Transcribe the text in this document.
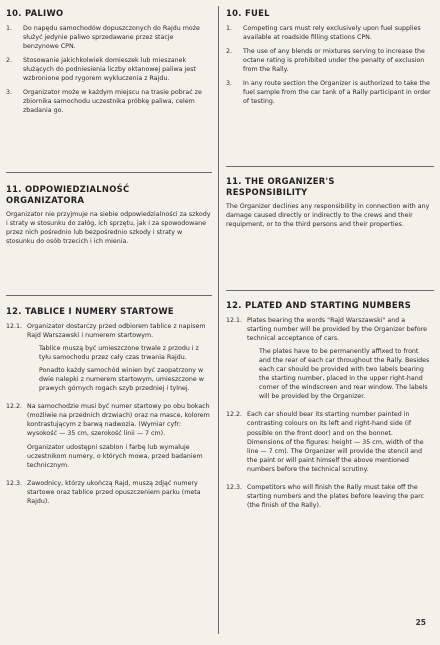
10. PALIWO
1.	Do napędu samochodów dopuszczonych do Rajdu może służyć jedynie paliwo sprzedawane przez stacje benzynowe CPN.
2.	Stosowanie jakichkolwiek domieszek lub mieszanek służących do podniesienia liczby oktanowej paliwa jest wzbronione pod rygorem wykluczenia z Rajdu.
3.	Organizator może w każdym miejscu na trasie pobrać ze zbiornika samochodu uczestnika próbkę paliwa, celem zbadania go.
11. ODPOWIEDZIALNOŚĆ ORGANIZATORA
Organizator nie przyjmuje na siebie odpowiedzialności za szkody i straty w stosunku do załóg, ich sprzętu, jak i za spowodowane przez nich pośrednio lub bezpośrednio szkody i straty w stosunku do osób trzecich i ich mienia.
12. TABLICE I NUMERY STARTOWE
12.1. Organizator dostarczy przed odbiorem tablice z napisem Rajd Warszawski i numerem startowym.

Tablice muszą być umieszczone trwale z przodu i z tyłu samochodu przez cały czas trwania Rajdu.

Ponadto każdy samochód winien być zaopatrzony w dwie nalepki z numerem startowym, umieszczone w prawych górnych rogach szyb przedniej i tylnej.

12.2. Na samochodzie musi być numer startowy po obu bokach (możliwie na przednich drzwiach) oraz na masce, kolorem kontrastującym z barwą nadwozia. (Wymiar cyfr: wysokość — 35 cm, szerokość linii — 7 cm).

Organizator udostępni szablon i farbę lub wymaluje uczestnikom numery, o których mowa, przed badaniem technicznym.

12.3. Zawodnicy, którzy ukończą Rajd, muszą zdjąć numery startowe oraz tablice przed opuszczeniem parku (meta Rajdu).

10. FUEL
1.	Competing cars must rely exclusively upon fuel supplies available at roadside filling stations CPN.
2.	The use of any blends or mixtures serving to increase the octane rating is prohibited under the penalty of exclusion from the Rally.
3.	In any route section the Organizer is authorized to take the fuel sample from the car tank of a Rally participant in order of testing.
11. THE ORGANIZER'S RESPONSIBILITY
The Organizer declines any responsibility in connection with any damage caused directly or indirectly to the crews and their requipment, or to the third persons and their properties.
12. PLATED AND STARTING NUMBERS
12.1. Plates bearing the words "Rajd Warszawski" and a starting number will be provided by the Organizer before technical acceptance of cars.

The plates have to be permanently affixed to front and the rear of each car throughout the Rally. Besides each car should be provided with two labels bearing the starting number, placed in the upper right-hand corner of the windscreen and rear window. The labels will be provided by the Organizer.

12.2. Each car should bear its starting number painted in contrasting colours on its left and right-hand side (if possible on the front door) and on the bonnet. Dimensions of the figures: height — 35 cm, width of the line — 7 cm). The Organizer will provide the stencil and the paint or will paint himself the above mentioned numbers before the technical scrutiny.

12.3. Competitors who will finish the Rally must take off the starting numbers and the plates before leaving the parc (the finish of the Rally).

25
